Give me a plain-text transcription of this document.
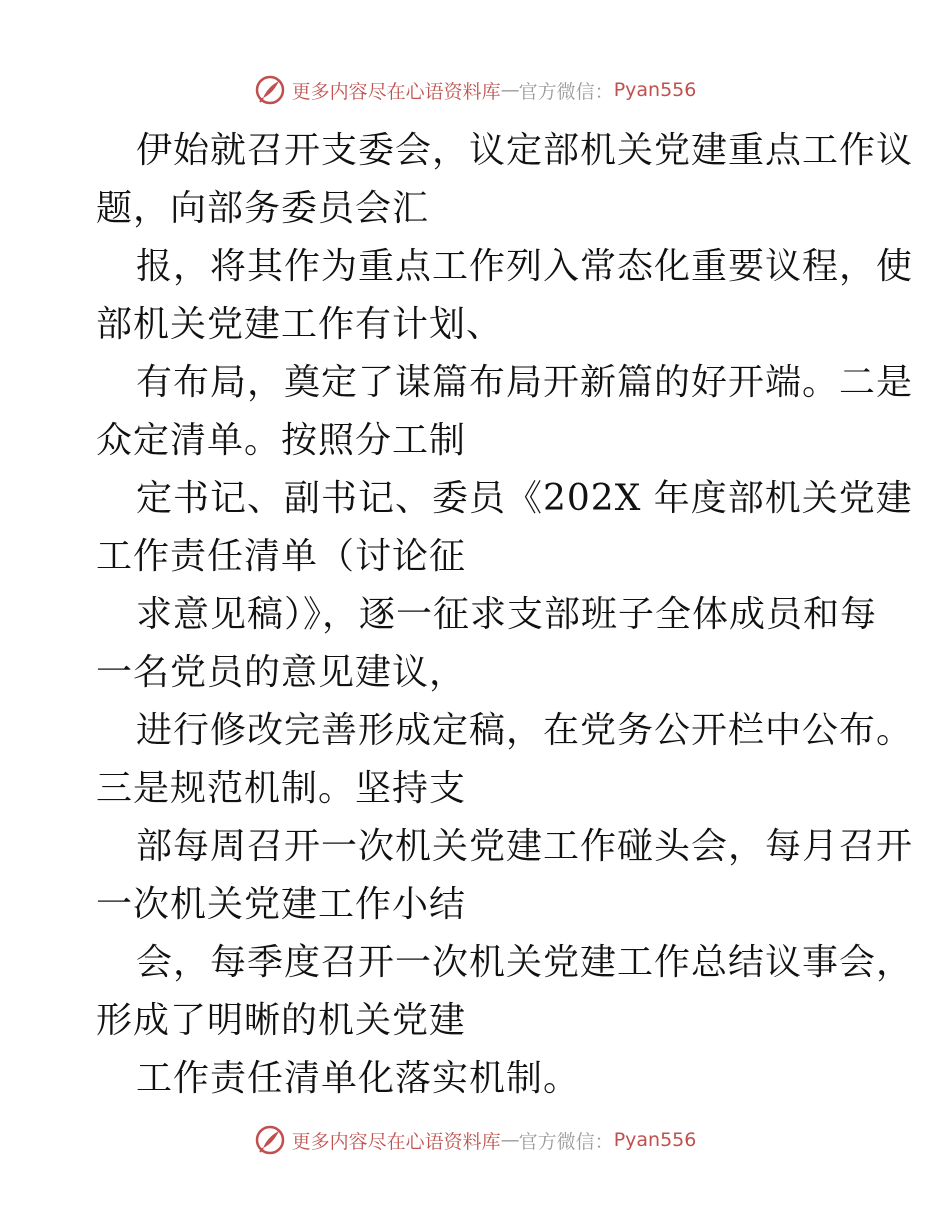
更多内容尽在心语资料库 — 官方微信： Pyan556
伊始就召开支委会，议定部机关党建重点工作议
题，向部务委员会汇
报，将其作为重点工作列入常态化重要议程，使
部机关党建工作有计划、
有布局，奠定了谋篇布局开新篇的好开端。二是
众定清单。按照分工制
定书记、副书记、委员《202X 年度部机关党建
工作责任清单（讨论征
求意见稿）》，逐一征求支部班子全体成员和每
一名党员的意见建议，
进行修改完善形成定稿，在党务公开栏中公布。
三是规范机制。坚持支
部每周召开一次机关党建工作碰头会，每月召开
一次机关党建工作小结
会，每季度召开一次机关党建工作总结议事会，
形成了明晰的机关党建
工作责任清单化落实机制。
更多内容尽在心语资料库 — 官方微信： Pyan556
